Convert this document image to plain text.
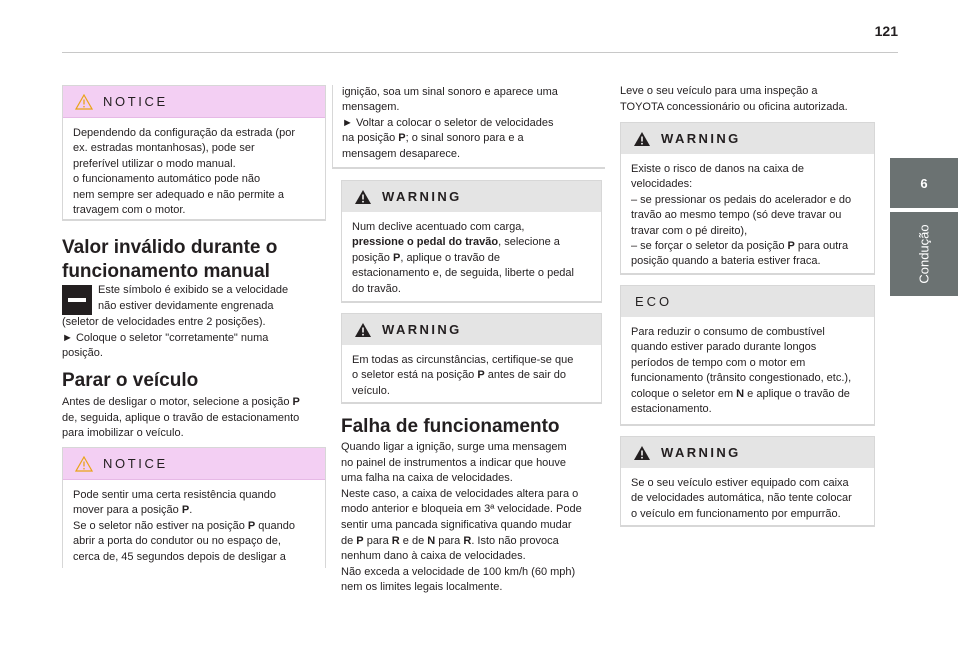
121
6
Condução
NOTICE
Dependendo da configuração da estrada (por
ex. estradas montanhosas), pode ser
preferível utilizar o modo manual.
o funcionamento automático pode não
nem sempre ser adequado e não permite a
travagem com o motor.
Valor inválido durante o
funcionamento manual
Este símbolo é exibido se a velocidade
não estiver devidamente engrenada
(seletor de velocidades entre 2 posições).
► Coloque o seletor "corretamente" numa
posição.
Parar o veículo
Antes de desligar o motor, selecione a posição P
de, seguida, aplique o travão de estacionamento
para imobilizar o veículo.
NOTICE
Pode sentir uma certa resistência quando
mover para a posição P.
Se o seletor não estiver na posição P quando
abrir a porta do condutor ou no espaço de,
cerca de, 45 segundos depois de desligar a
ignição, soa um sinal sonoro e aparece uma
mensagem.
► Voltar a colocar o seletor de velocidades
na posição P; o sinal sonoro para e a
mensagem desaparece.
WARNING
Num declive acentuado com carga,
pressione o pedal do travão, selecione a
posição P, aplique o travão de
estacionamento e, de seguida, liberte o pedal
do travão.
WARNING
Em todas as circunstâncias, certifique-se que
o seletor está na posição P antes de sair do
veículo.
Falha de funcionamento
Quando ligar a ignição, surge uma mensagem
no painel de instrumentos a indicar que houve
uma falha na caixa de velocidades.
Neste caso, a caixa de velocidades altera para o
modo anterior e bloqueia em 3ª velocidade. Pode
sentir uma pancada significativa quando mudar
de P para R e de N para R. Isto não provoca
nenhum dano à caixa de velocidades.
Não exceda a velocidade de 100 km/h (60 mph)
nem os limites legais localmente.
Leve o seu veículo para uma inspeção a
TOYOTA concessionário ou oficina autorizada.
WARNING
Existe o risco de danos na caixa de
velocidades:
– se pressionar os pedais do acelerador e do
travão ao mesmo tempo (só deve travar ou
travar com o pé direito),
– se forçar o seletor da posição P para outra
posição quando a bateria estiver fraca.
ECO
Para reduzir o consumo de combustível
quando estiver parado durante longos
períodos de tempo com o motor em
funcionamento (trânsito congestionado, etc.),
coloque o seletor em N e aplique o travão de
estacionamento.
WARNING
Se o seu veículo estiver equipado com caixa
de velocidades automática, não tente colocar
o veículo em funcionamento por empurrão.
